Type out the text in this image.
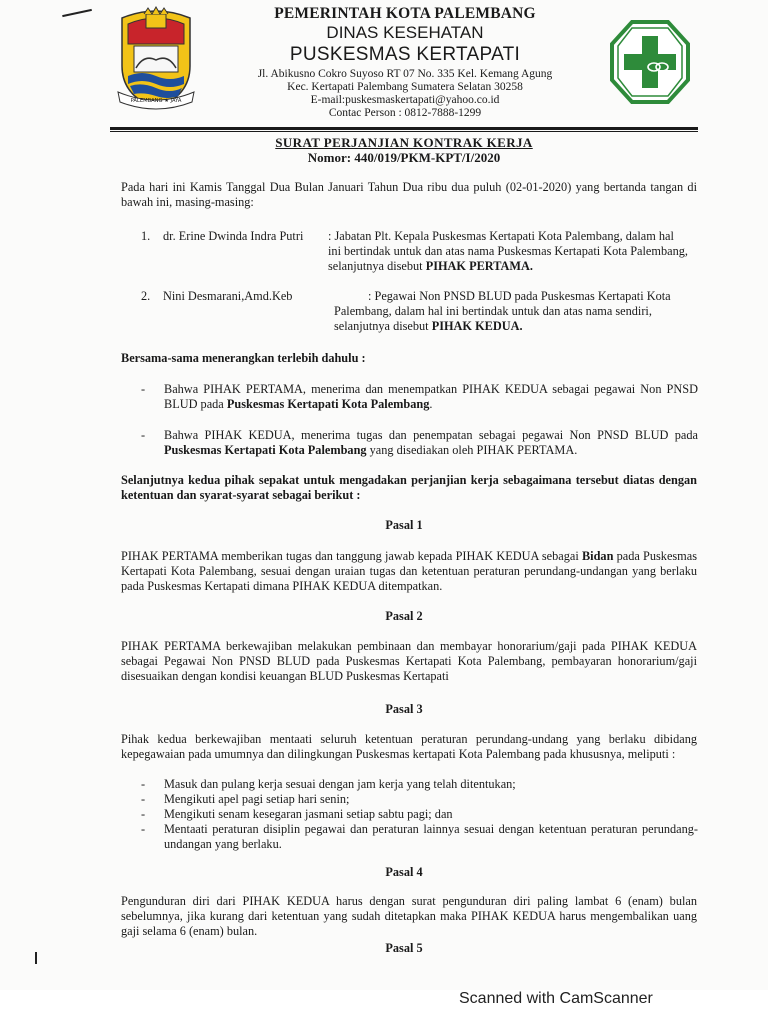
PALEMBANG ★ JAYA
PEMERINTAH KOTA PALEMBANG
DINAS KESEHATAN
PUSKESMAS KERTAPATI
Jl. Abikusno Cokro Suyoso RT 07 No. 335 Kel. Kemang Agung
Kec. Kertapati Palembang Sumatera Selatan 30258
E-mail:puskesmaskertapati@yahoo.co.id
Contac Person : 0812-7888-1299
SURAT PERJANJIAN KONTRAK KERJA
Nomor: 440/019/PKM-KPT/I/2020

Pada hari ini Kamis Tanggal Dua Bulan Januari Tahun Dua ribu dua puluh (02-01-2020) yang bertanda tangan di bawah ini, masing-masing:

1. dr. Erine Dwinda Indra Putri : Jabatan Plt. Kepala Puskesmas Kertapati Kota Palembang, dalam hal ini bertindak untuk dan atas nama Puskesmas Kertapati Kota Palembang, selanjutnya disebut PIHAK PERTAMA.

2. Nini Desmarani,Amd.Keb	: Pegawai Non PNSD BLUD pada Puskesmas Kertapati Kota Palembang, dalam hal ini bertindak untuk dan atas nama sendiri, selanjutnya disebut PIHAK KEDUA.

Bersama-sama menerangkan terlebih dahulu :
- Bahwa PIHAK PERTAMA, menerima dan menempatkan PIHAK KEDUA sebagai pegawai Non PNSD BLUD pada Puskesmas Kertapati Kota Palembang.

- Bahwa PIHAK KEDUA, menerima tugas dan penempatan sebagai pegawai Non PNSD BLUD pada Puskesmas Kertapati Kota Palembang yang disediakan oleh PIHAK PERTAMA.

Selanjutnya kedua pihak sepakat untuk mengadakan perjanjian kerja sebagaimana tersebut diatas dengan ketentuan dan syarat-syarat sebagai berikut :

Pasal 1

PIHAK PERTAMA memberikan tugas dan tanggung jawab kepada PIHAK KEDUA sebagai Bidan pada Puskesmas Kertapati Kota Palembang, sesuai dengan uraian tugas dan ketentuan peraturan perundang-undangan yang berlaku pada Puskesmas Kertapati dimana PIHAK KEDUA ditempatkan.

Pasal 2

PIHAK PERTAMA berkewajiban melakukan pembinaan dan membayar honorarium/gaji pada PIHAK KEDUA sebagai Pegawai Non PNSD BLUD pada Puskesmas Kertapati Kota Palembang, pembayaran honorarium/gaji disesuaikan dengan kondisi keuangan BLUD Puskesmas Kertapati

Pasal 3

Pihak kedua berkewajiban mentaati seluruh ketentuan peraturan perundang-undang yang berlaku dibidang kepegawaian pada umumnya dan dilingkungan Puskesmas kertapati Kota Palembang pada khususnya, meliputi :

- Masuk dan pulang kerja sesuai dengan jam kerja yang telah ditentukan;

- Mengikuti apel pagi setiap hari senin;

- Mengikuti senam kesegaran jasmani setiap sabtu pagi; dan

- Mentaati peraturan disiplin pegawai dan peraturan lainnya sesuai dengan ketentuan peraturan perundang-undangan yang berlaku.

Pasal 4

Pengunduran diri dari PIHAK KEDUA harus dengan surat pengunduran diri paling lambat 6 (enam) bulan sebelumnya, jika kurang dari ketentuan yang sudah ditetapkan maka PIHAK KEDUA harus mengembalikan uang gaji selama 6 (enam) bulan.

Pasal 5
Scanned with CamScanner
